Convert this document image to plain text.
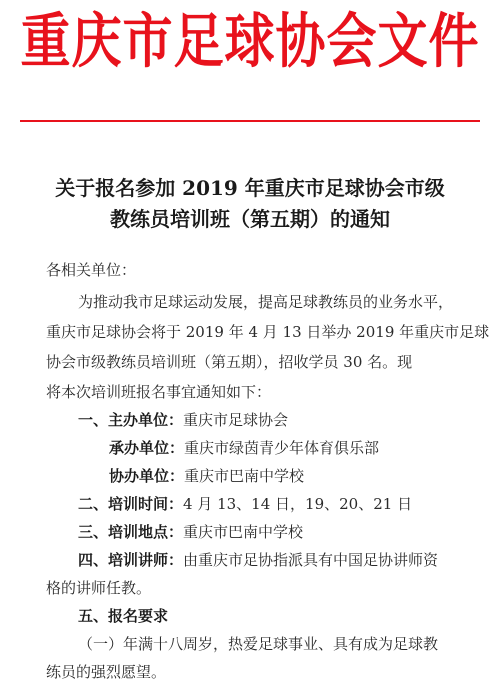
重庆市足球协会文件
关于报名参加 2019 年重庆市足球协会市级
教练员培训班（第五期）的通知
各相关单位：
为推动我市足球运动发展，提高足球教练员的业务水平，
重庆市足球协会将于 2019 年 4 月 13 日举办 2019 年重庆市足球
协会市级教练员培训班（第五期），招收学员 30 名。现
将本次培训班报名事宜通知如下：
一、主办单位：重庆市足球协会
承办单位：重庆市绿茵青少年体育俱乐部
协办单位：重庆市巴南中学校
二、培训时间：4 月 13、14 日，19、20、21 日
三、培训地点：重庆市巴南中学校
四、培训讲师：由重庆市足协指派具有中国足协讲师资
格的讲师任教。
五、报名要求
（一）年满十八周岁，热爱足球事业、具有成为足球教
练员的强烈愿望。
